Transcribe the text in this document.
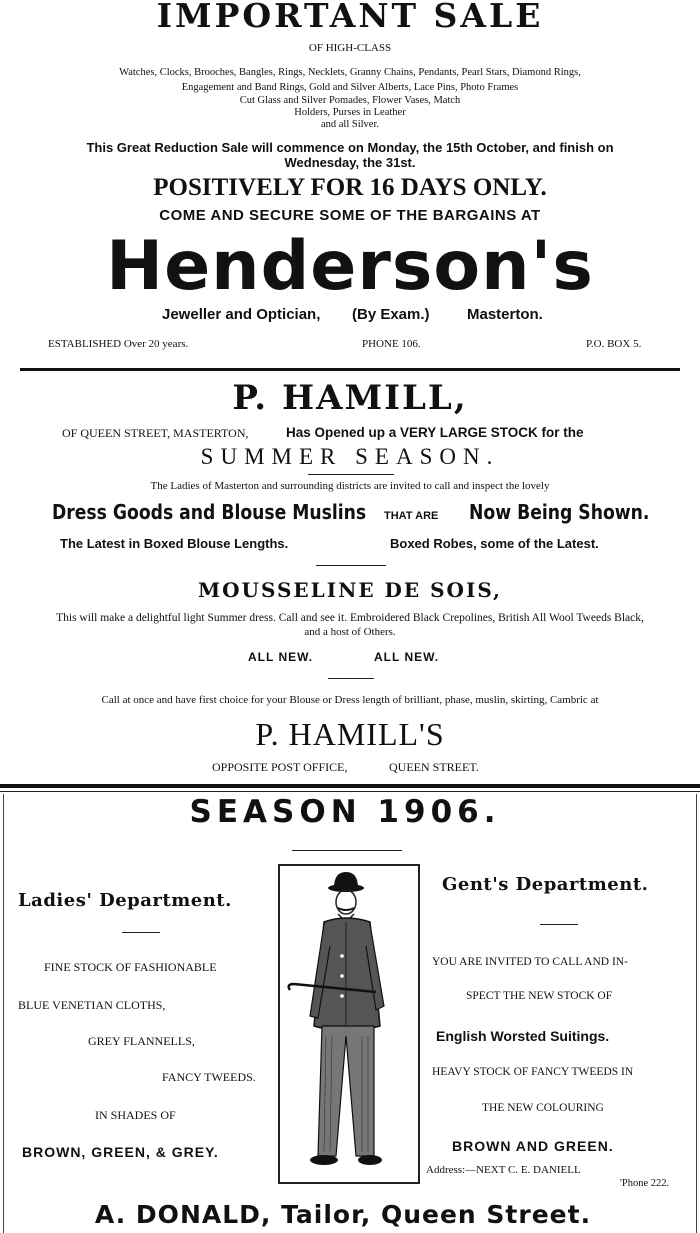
IMPORTANT SALE
OF HIGH-CLASS
Watches, Clocks, Brooches, Bangles, Rings, Necklets, Granny Chains, Pendants, Pearl Stars, Diamond Rings,
Engagement and Band Rings, Gold and Silver Alberts, Lace Pins, Photo Frames
Cut Glass and Silver Pomades, Flower Vases, Match
Holders, Purses in Leather
and all Silver.
This Great Reduction Sale will commence on Monday, the 15th October, and finish on
Wednesday, the 31st.
POSITIVELY FOR 16 DAYS ONLY.
COME AND SECURE SOME OF THE BARGAINS AT
Henderson's
Jeweller and Optician, (By Exam.) Masterton.
ESTABLISHED Over 20 years.	PHONE 106.	P.O. BOX 5.
P. HAMILL,
OF QUEEN STREET, MASTERTON,	Has Opened up a VERY LARGE STOCK for the
SUMMER SEASON.
The Ladies of Masterton and surrounding districts are invited to call and inspect the lovely
Dress Goods and Blouse Muslins THAT ARE Now Being Shown.
The Latest in Boxed Blouse Lengths.	Boxed Robes, some of the Latest.
MOUSSELINE DE SOIS,
This will make a delightful light Summer dress. Call and see it. Embroidered Black Crepolines, British All Wool Tweeds Black,
and a host of Others.
ALL NEW.	ALL NEW.
Call at once and have first choice for your Blouse or Dress length of brilliant, phase, muslin, skirting, Cambric at
P. HAMILL'S
OPPOSITE POST OFFICE,	QUEEN STREET.
SEASON 1906.
Ladies' Department.
FINE STOCK OF FASHIONABLE
BLUE VENETIAN CLOTHS,
GREY FLANNELLS,
FANCY TWEEDS.
IN SHADES OF
BROWN, GREEN, & GREY.
Gent's Department.
YOU ARE INVITED TO CALL AND IN-
SPECT THE NEW STOCK OF
English Worsted Suitings.
HEAVY STOCK OF FANCY TWEEDS IN
THE NEW COLOURING
BROWN AND GREEN.
Address:—NEXT C. E. DANIELL
'Phone 222.
A. DONALD, Tailor, Queen Street.
